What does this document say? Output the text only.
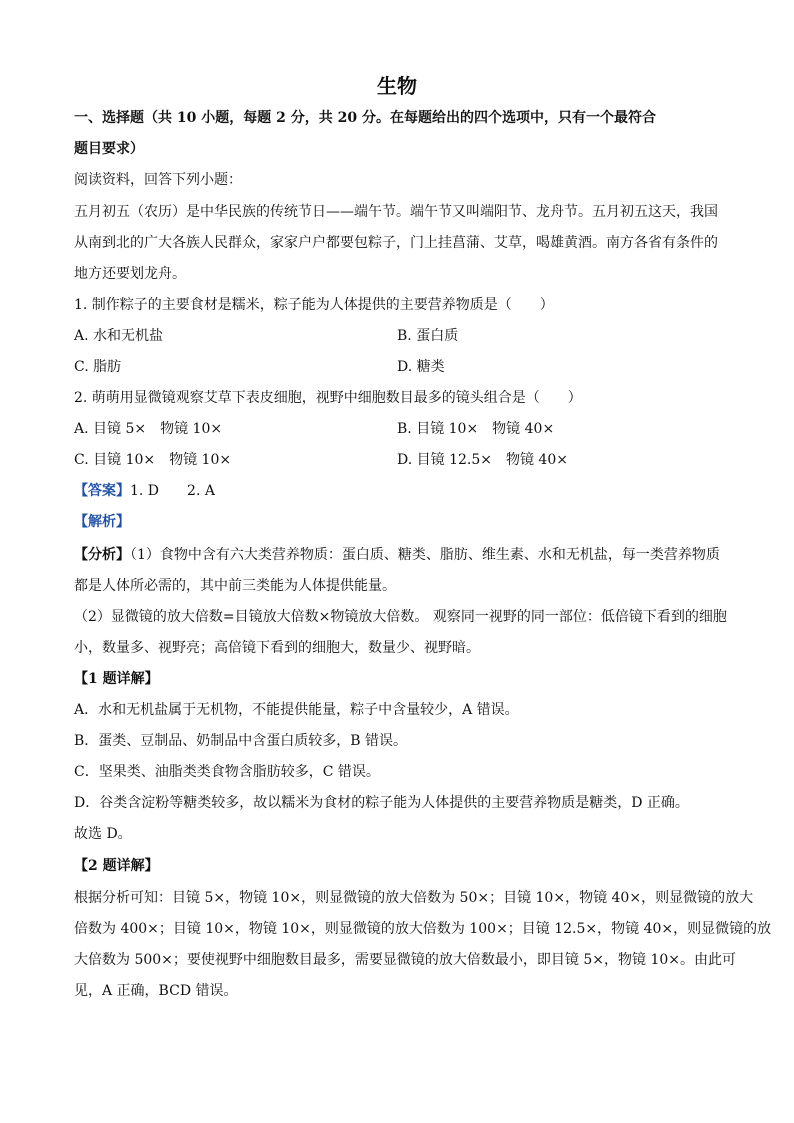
生物
一、选择题（共 10 小题，每题 2 分，共 20 分。在每题给出的四个选项中，只有一个最符合
题目要求）
阅读资料，回答下列小题：
五月初五（农历）是中华民族的传统节日——端午节。端午节又叫端阳节、龙舟节。五月初五这天，我国
从南到北的广大各族人民群众，家家户户都要包粽子，门上挂菖蒲、艾草，喝雄黄酒。南方各省有条件的
地方还要划龙舟。
1. 制作粽子的主要食材是糯米，粽子能为人体提供的主要营养物质是（　　）
A. 水和无机盐	B. 蛋白质
C. 脂肪	D. 糖类
2. 萌萌用显微镜观察艾草下表皮细胞，视野中细胞数目最多的镜头组合是（　　）
A. 目镜 5×　物镜 10×	B. 目镜 10×　物镜 40×
C. 目镜 10×　物镜 10×	D. 目镜 12.5×　物镜 40×
【答案】1. D　　2. A
【解析】
【分析】（1）食物中含有六大类营养物质：蛋白质、糖类、脂肪、维生素、水和无机盐，每一类营养物质
都是人体所必需的，其中前三类能为人体提供能量。
（2）显微镜的放大倍数=目镜放大倍数×物镜放大倍数。 观察同一视野的同一部位：低倍镜下看到的细胞
小，数量多、视野亮；高倍镜下看到的细胞大，数量少、视野暗。
【1 题详解】
A．水和无机盐属于无机物，不能提供能量，粽子中含量较少，A 错误。
B．蛋类、豆制品、奶制品中含蛋白质较多，B 错误。
C．坚果类、油脂类类食物含脂肪较多，C 错误。
D．谷类含淀粉等糖类较多，故以糯米为食材的粽子能为人体提供的主要营养物质是糖类，D 正确。
故选 D。
【2 题详解】
根据分析可知：目镜 5×，物镜 10×，则显微镜的放大倍数为 50×；目镜 10×，物镜 40×，则显微镜的放大
倍数为 400×；目镜 10×，物镜 10×，则显微镜的放大倍数为 100×；目镜 12.5×，物镜 40×，则显微镜的放
大倍数为 500×；要使视野中细胞数目最多，需要显微镜的放大倍数最小，即目镜 5×，物镜 10×。由此可
见，A 正确，BCD 错误。
